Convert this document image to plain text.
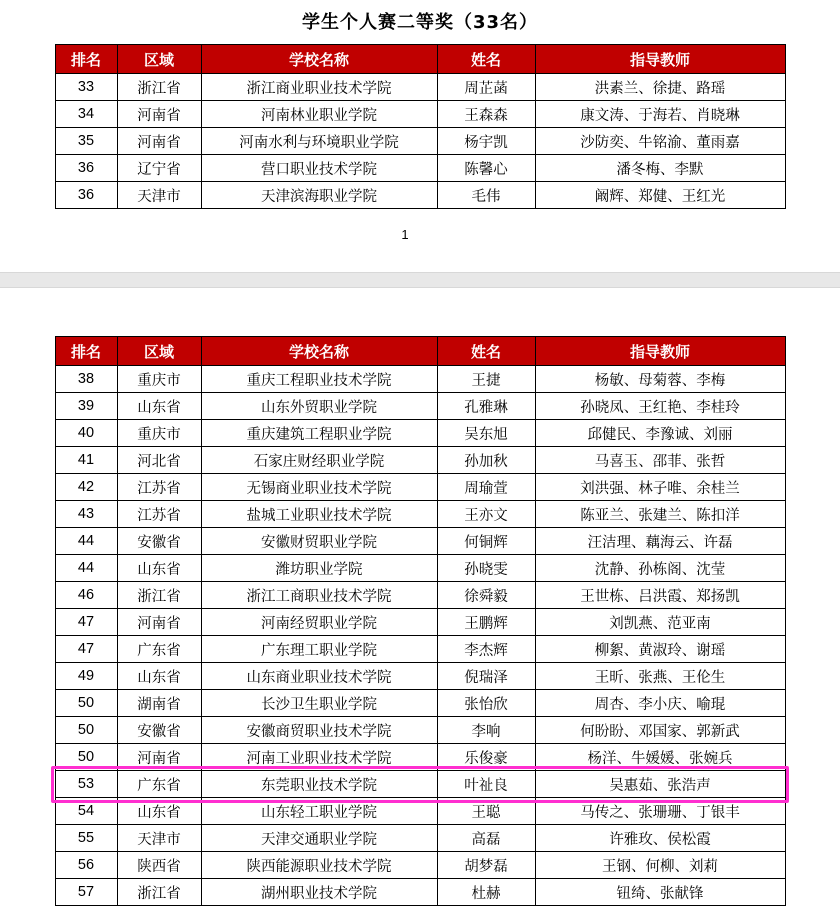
学生个人赛二等奖（33名）
排名	区域	学校名称	姓名	指导教师
33	浙江省	浙江商业职业技术学院	周芷菡	洪素兰、徐捷、路瑶
34	河南省	河南林业职业学院	王森森	康文涛、于海若、肖晓琳
35	河南省	河南水利与环境职业学院	杨宇凯	沙防奕、牛铭渝、董雨嘉
36	辽宁省	营口职业技术学院	陈馨心	潘冬梅、李默
36	天津市	天津滨海职业学院	毛伟	阚辉、郑健、王红光
1
排名	区域	学校名称	姓名	指导教师
38	重庆市	重庆工程职业技术学院	王捷	杨敏、母菊蓉、李梅
39	山东省	山东外贸职业学院	孔雅琳	孙晓凤、王红艳、李桂玲
40	重庆市	重庆建筑工程职业学院	吴东旭	邱健民、李豫诚、刘丽
41	河北省	石家庄财经职业学院	孙加秋	马喜玉、邵菲、张哲
42	江苏省	无锡商业职业技术学院	周瑜萱	刘洪强、林子唯、余桂兰
43	江苏省	盐城工业职业技术学院	王亦文	陈亚兰、张建兰、陈扣洋
44	安徽省	安徽财贸职业学院	何铜辉	汪洁理、藕海云、许磊
44	山东省	潍坊职业学院	孙晓雯	沈静、孙栋阁、沈莹
46	浙江省	浙江工商职业技术学院	徐舜毅	王世栋、吕洪霞、郑扬凯
47	河南省	河南经贸职业学院	王鹏辉	刘凯燕、范亚南
47	广东省	广东理工职业学院	李杰辉	柳絮、黄淑玲、谢瑶
49	山东省	山东商业职业技术学院	倪瑞泽	王昕、张燕、王伦生
50	湖南省	长沙卫生职业学院	张怡欣	周杏、李小庆、喻琨
50	安徽省	安徽商贸职业技术学院	李响	何盼盼、邓国家、郭新武
50	河南省	河南工业职业技术学院	乐俊豪	杨洋、牛媛媛、张婉兵
53	广东省	东莞职业技术学院	叶祉良	吴惠茹、张浩声
54	山东省	山东轻工职业学院	王聪	马传之、张珊珊、丁银丰
55	天津市	天津交通职业学院	高磊	许雅玫、侯松霞
56	陕西省	陕西能源职业技术学院	胡梦磊	王钢、何柳、刘莉
57	浙江省	湖州职业技术学院	杜赫	钮绮、张献锋
